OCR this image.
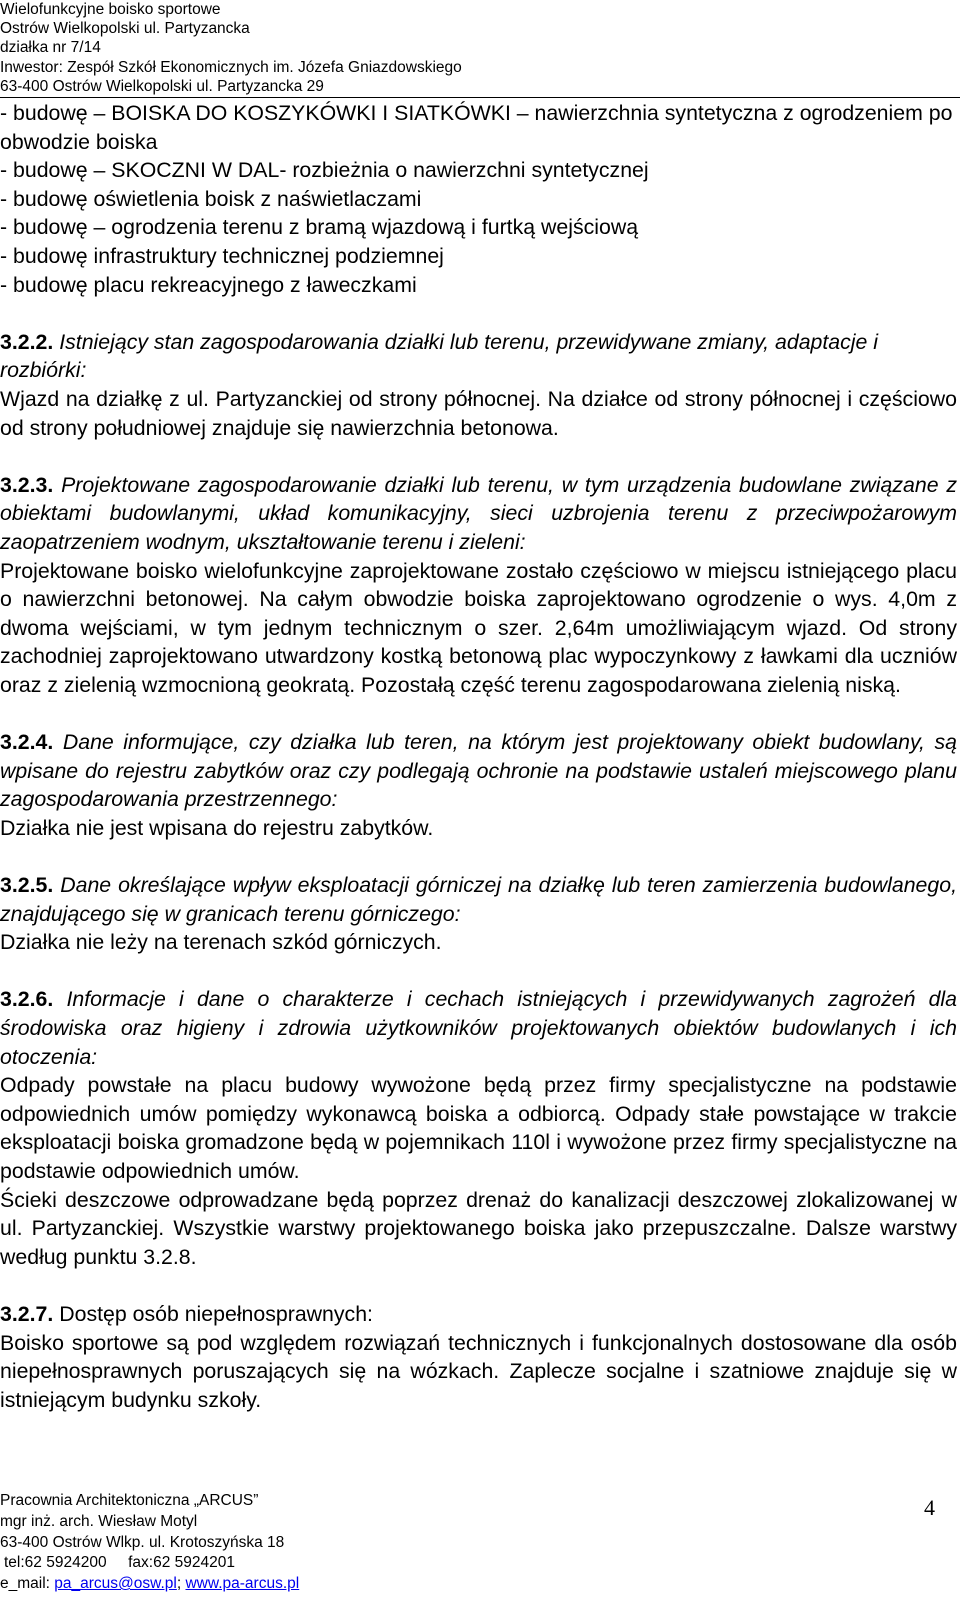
Wielofunkcyjne boisko sportowe
Ostrów Wielkopolski ul. Partyzancka
działka nr 7/14
Inwestor: Zespół Szkół Ekonomicznych im. Józefa Gniazdowskiego
63-400 Ostrów Wielkopolski ul. Partyzancka 29

- budowę – BOISKA DO KOSZYKÓWKI I SIATKÓWKI – nawierzchnia syntetyczna z ogrodzeniem po obwodzie boiska

- budowę – SKOCZNI W DAL- rozbieżnia o nawierzchni syntetycznej

- budowę oświetlenia boisk z naświetlaczami

- budowę – ogrodzenia terenu z bramą wjazdową i furtką wejściową

- budowę infrastruktury technicznej podziemnej

- budowę placu rekreacyjnego z ławeczkami

3.2.2. Istniejący stan zagospodarowania działki lub terenu, przewidywane zmiany, adaptacje i rozbiórki:

Wjazd na działkę z ul. Partyzanckiej od strony północnej. Na działce od strony północnej i częściowo od strony południowej znajduje się nawierzchnia betonowa.

3.2.3. Projektowane zagospodarowanie działki lub terenu, w tym urządzenia budowlane związane z obiektami budowlanymi, układ komunikacyjny, sieci uzbrojenia terenu z przeciwpożarowym zaopatrzeniem wodnym, ukształtowanie terenu i zieleni:

Projektowane boisko wielofunkcyjne zaprojektowane zostało częściowo w miejscu istniejącego placu o nawierzchni betonowej. Na całym obwodzie boiska zaprojektowano ogrodzenie o wys. 4,0m z dwoma wejściami, w tym jednym technicznym o szer. 2,64m umożliwiającym wjazd. Od strony zachodniej zaprojektowano utwardzony kostką betonową plac wypoczynkowy z ławkami dla uczniów oraz z zielenią wzmocnioną geokratą. Pozostałą część terenu zagospodarowana zielenią niską.

3.2.4. Dane informujące, czy działka lub teren, na którym jest projektowany obiekt budowlany, są wpisane do rejestru zabytków oraz czy podlegają ochronie na podstawie ustaleń miejscowego planu zagospodarowania przestrzennego:

Działka nie jest wpisana do rejestru zabytków.

3.2.5. Dane określające wpływ eksploatacji górniczej na działkę lub teren zamierzenia budowlanego, znajdującego się w granicach terenu górniczego:

Działka nie leży na terenach szkód górniczych.

3.2.6. Informacje i dane o charakterze i cechach istniejących i przewidywanych zagrożeń dla środowiska oraz higieny i zdrowia użytkowników projektowanych obiektów budowlanych i ich otoczenia:

Odpady powstałe na placu budowy wywożone będą przez firmy specjalistyczne na podstawie odpowiednich umów pomiędzy wykonawcą boiska a odbiorcą. Odpady stałe powstające w trakcie eksploatacji boiska gromadzone będą w pojemnikach 110l i wywożone przez firmy specjalistyczne na podstawie odpowiednich umów.

Ścieki deszczowe odprowadzane będą poprzez drenaż do kanalizacji deszczowej zlokalizowanej w ul. Partyzanckiej. Wszystkie warstwy projektowanego boiska jako przepuszczalne. Dalsze warstwy według punktu 3.2.8.

3.2.7. Dostęp osób niepełnosprawnych:

Boisko sportowe są pod względem rozwiązań technicznych i funkcjonalnych dostosowane dla osób niepełnosprawnych poruszających się na wózkach. Zaplecze socjalne i szatniowe znajduje się w istniejącym budynku szkoły.

Pracownia Architektoniczna „ARCUS”
mgr inż. arch. Wiesław Motyl
63-400 Ostrów Wlkp. ul. Krotoszyńska 18
tel:62 5924200     fax:62 5924201
e_mail: pa_arcus@osw.pl; www.pa-arcus.pl
4
